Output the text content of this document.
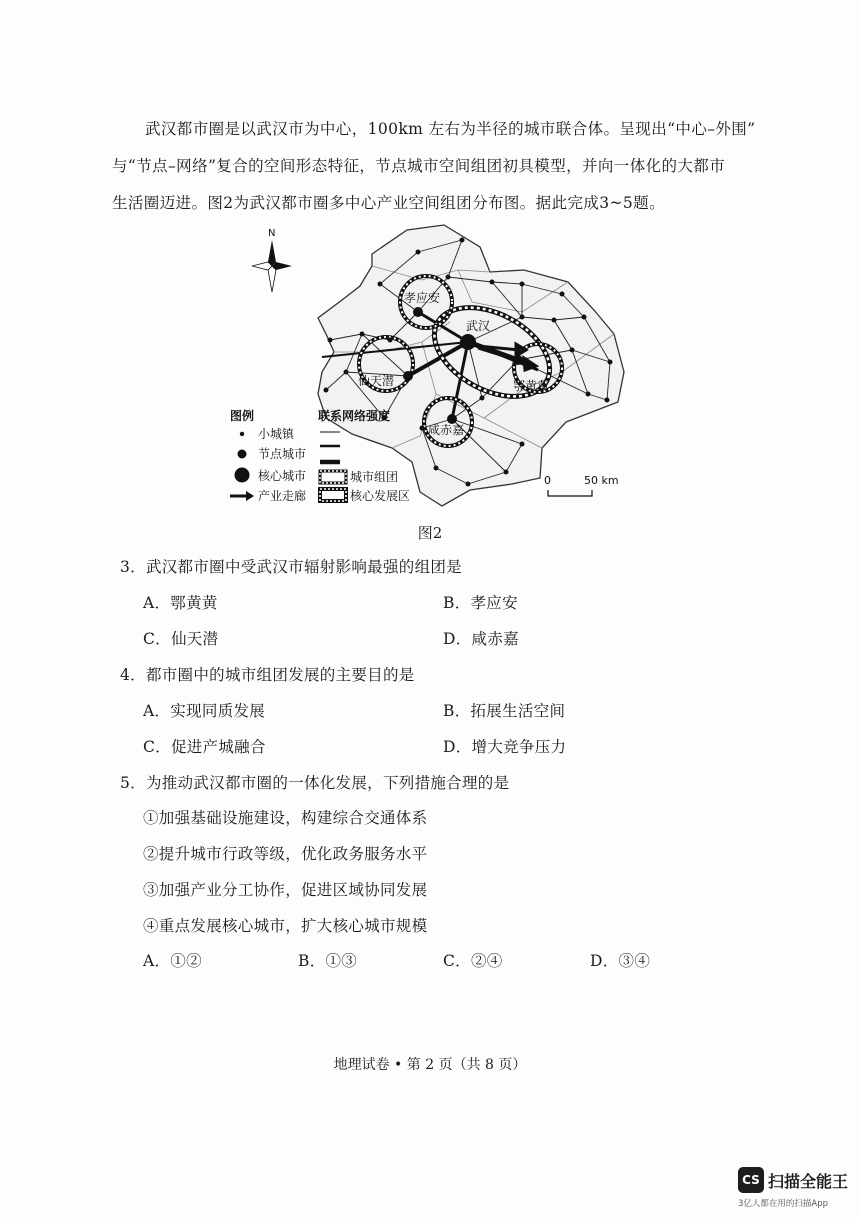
武汉都市圈是以武汉市为中心，100km 左右为半径的城市联合体。呈现出“中心–外围”
与“节点–网络”复合的空间形态特征，节点城市空间组团初具模型，并向一体化的大都市
生活圈迈进。图2为武汉都市圈多中心产业空间组团分布图。据此完成3~5题。
武汉
孝应安
仙天潜	鄂黄黄
咸赤嘉
N
图例
小城镇
节点城市
核心城市
产业走廊
联系网络强度
城市组团
核心发展区
0	50 km
图2
3．武汉都市圈中受武汉市辐射影响最强的组团是
A．鄂黄黄	B．孝应安
C．仙天潜	D．咸赤嘉
4．都市圈中的城市组团发展的主要目的是
A．实现同质发展	B．拓展生活空间
C．促进产城融合	D．增大竞争压力
5．为推动武汉都市圈的一体化发展，下列措施合理的是
①加强基础设施建设，构建综合交通体系
②提升城市行政等级，优化政务服务水平
③加强产业分工协作，促进区域协同发展
④重点发展核心城市，扩大核心城市规模
A．①②	B．①③	C．②④	D．③④
地理试卷 • 第 2 页（共 8 页）
CS 扫描全能王
3亿人都在用的扫描App
